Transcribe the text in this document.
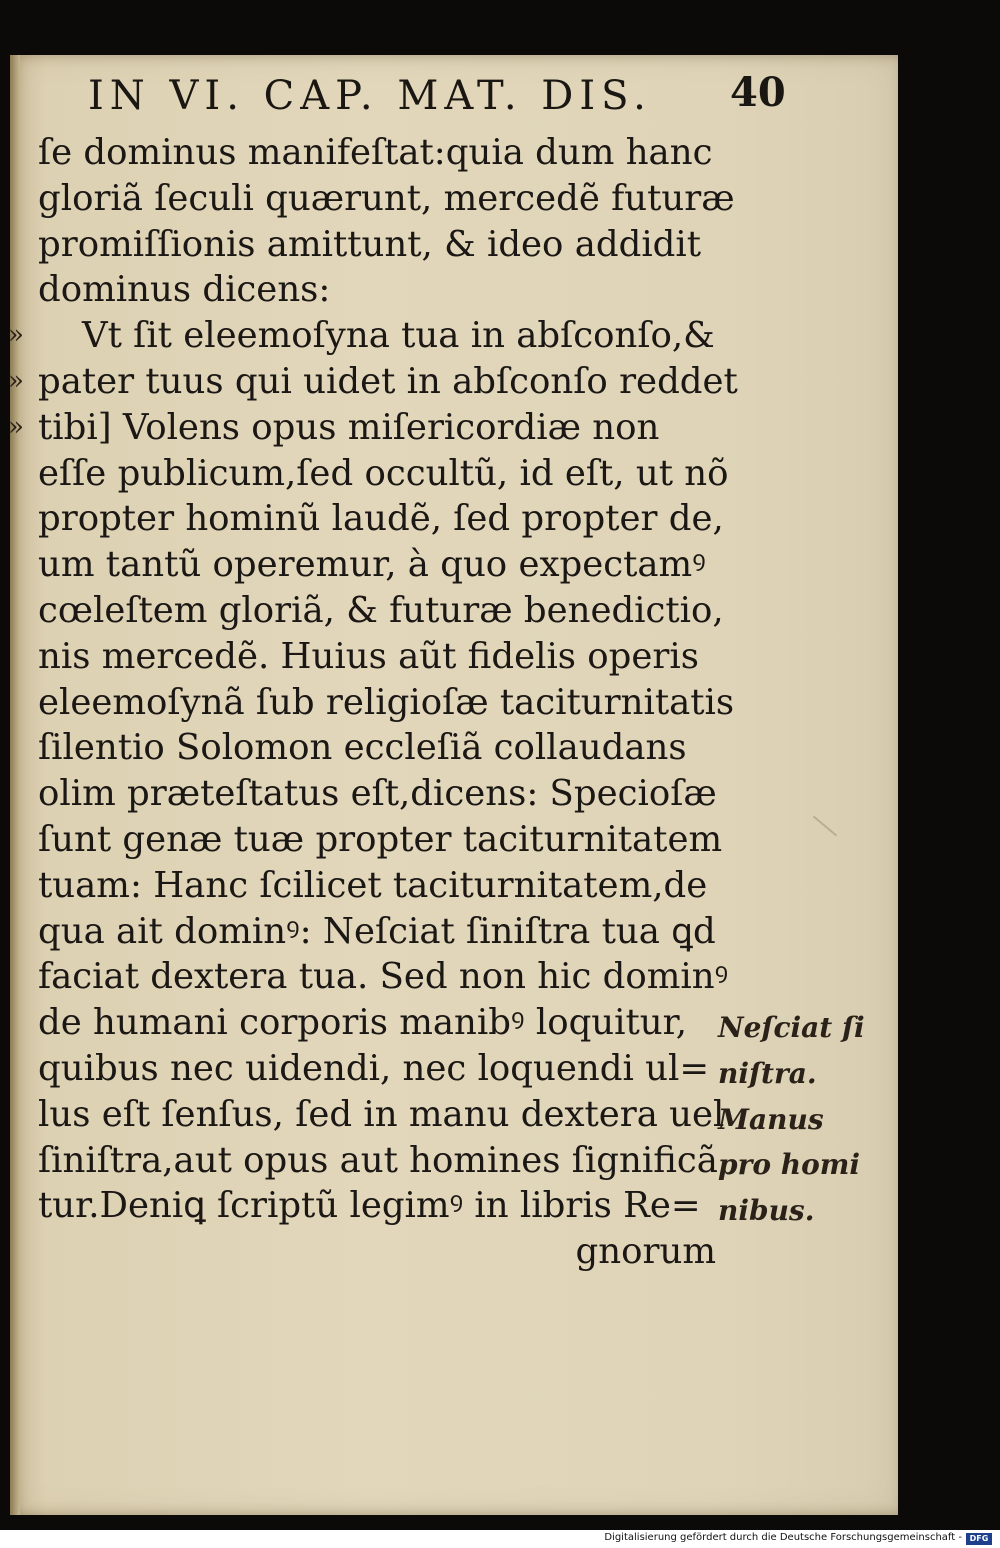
IN VI. CAP. MAT. DIS.	40
ſe dominus manifeſtat:quia dum hanc
gloriã ſeculi quærunt, mercedẽ futuræ
promiſſionis amittunt, & ideo addidit
dominus dicens:
» Vt ſit eleemoſyna tua in abſconſo,&
» pater tuus qui uidet in abſconſo reddet
» tibi] Volens opus miſericordiæ non
eſſe publicum,ſed occultũ, id eſt, ut nõ
propter hominũ laudẽ, ſed propter de,
um tantũ operemur, à quo expectamꝰ
cœleſtem gloriã, & futuræ benedictio,
nis mercedẽ. Huius aũt fidelis operis
eleemoſynã ſub religioſæ taciturnitatis
ſilentio Solomon eccleſiã collaudans
olim præteſtatus eſt,dicens: Specioſæ
ſunt genæ tuæ propter taciturnitatem
tuam: Hanc ſcilicet taciturnitatem,de
qua ait dominꝰ: Neſciat ſiniſtra tua ꝗd
faciat dextera tua. Sed non hic dominꝰ
de humani corporis manibꝰ loquitur,
quibus nec uidendi, nec loquendi ul=
lus eſt ſenſus, ſed in manu dextera uel
ſiniſtra,aut opus aut homines ſignificã
tur.Deniꝗ ſcriptũ legimꝰ in libris Re=
gnorum
Neſciat ſi
niſtra.
Manus
pro homi
nibus.
Digitalisierung gefördert durch die Deutsche Forschungsgemeinschaft - DFG
